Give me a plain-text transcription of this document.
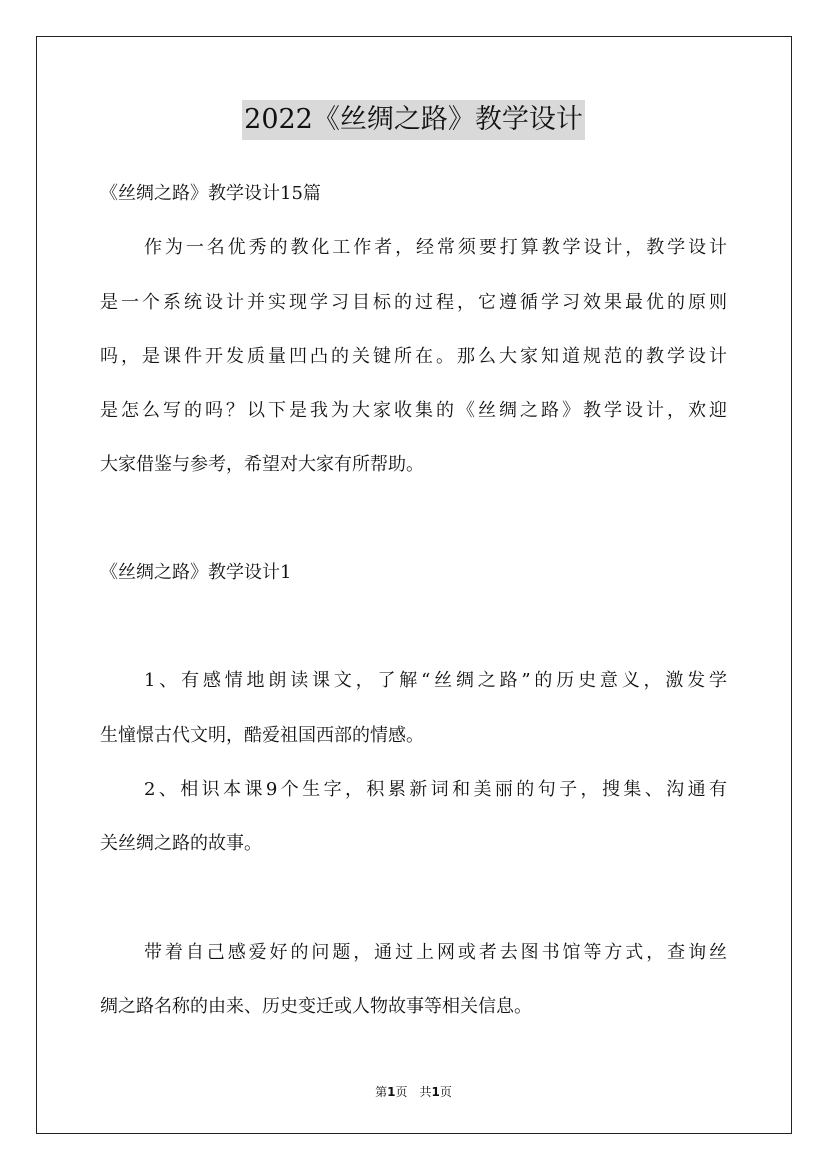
2022《丝绸之路》教学设计
《丝绸之路》教学设计15篇
作为一名优秀的教化工作者，经常须要打算教学设计，教学设计
是一个系统设计并实现学习目标的过程，它遵循学习效果最优的原则
吗，是课件开发质量凹凸的关键所在。那么大家知道规范的教学设计
是怎么写的吗？以下是我为大家收集的《丝绸之路》教学设计，欢迎
大家借鉴与参考，希望对大家有所帮助。
《丝绸之路》教学设计1
1、有感情地朗读课文，了解“丝绸之路”的历史意义，激发学
生憧憬古代文明，酷爱祖国西部的情感。
2、相识本课9个生字，积累新词和美丽的句子，搜集、沟通有
关丝绸之路的故事。
带着自己感爱好的问题，通过上网或者去图书馆等方式，查询丝
绸之路名称的由来、历史变迁或人物故事等相关信息。
第1页　共1页
